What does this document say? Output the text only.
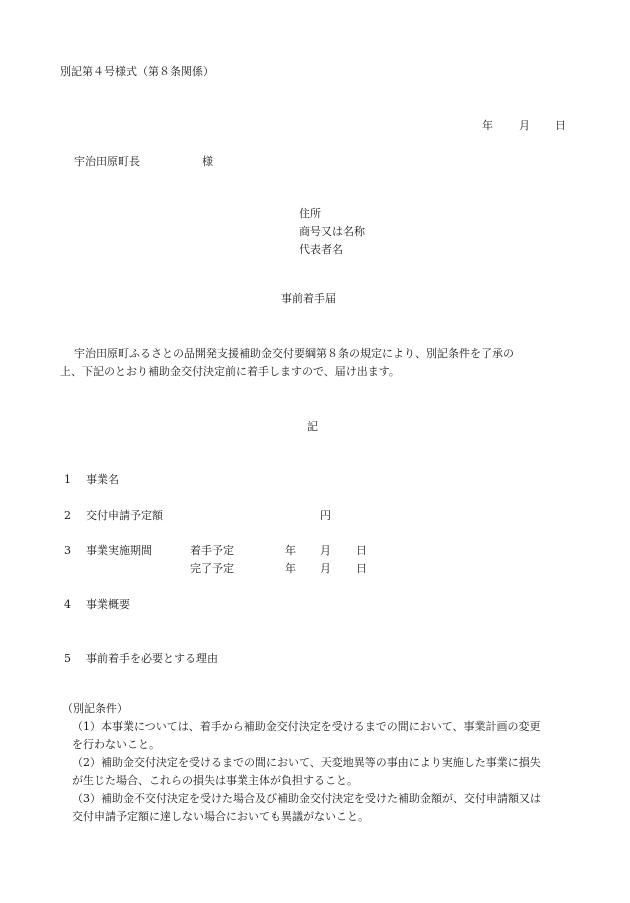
別記第４号様式（第８条関係）
年 月 日
宇治田原町長	様
住所
商号又は名称
代表者名
事前着手届
宇治田原町ふるさとの品開発支援補助金交付要綱第８条の規定により、別記条件を了承の
上、下記のとおり補助金交付決定前に着手しますので、届け出ます。
記
1 事業名
2 交付申請予定額	円
3 事業実施期間	着手予定	年 月 日
完了予定	年 月 日
4 事業概要
5 事前着手を必要とする理由
（別記条件）
（1）本事業については、着手から補助金交付決定を受けるまでの間において、事業計画の変更
を行わないこと。
（2）補助金交付決定を受けるまでの間において、天変地異等の事由により実施した事業に損失
が生じた場合、これらの損失は事業主体が負担すること。
（3）補助金不交付決定を受けた場合及び補助金交付決定を受けた補助金額が、交付申請額又は
交付申請予定額に達しない場合においても異議がないこと。
